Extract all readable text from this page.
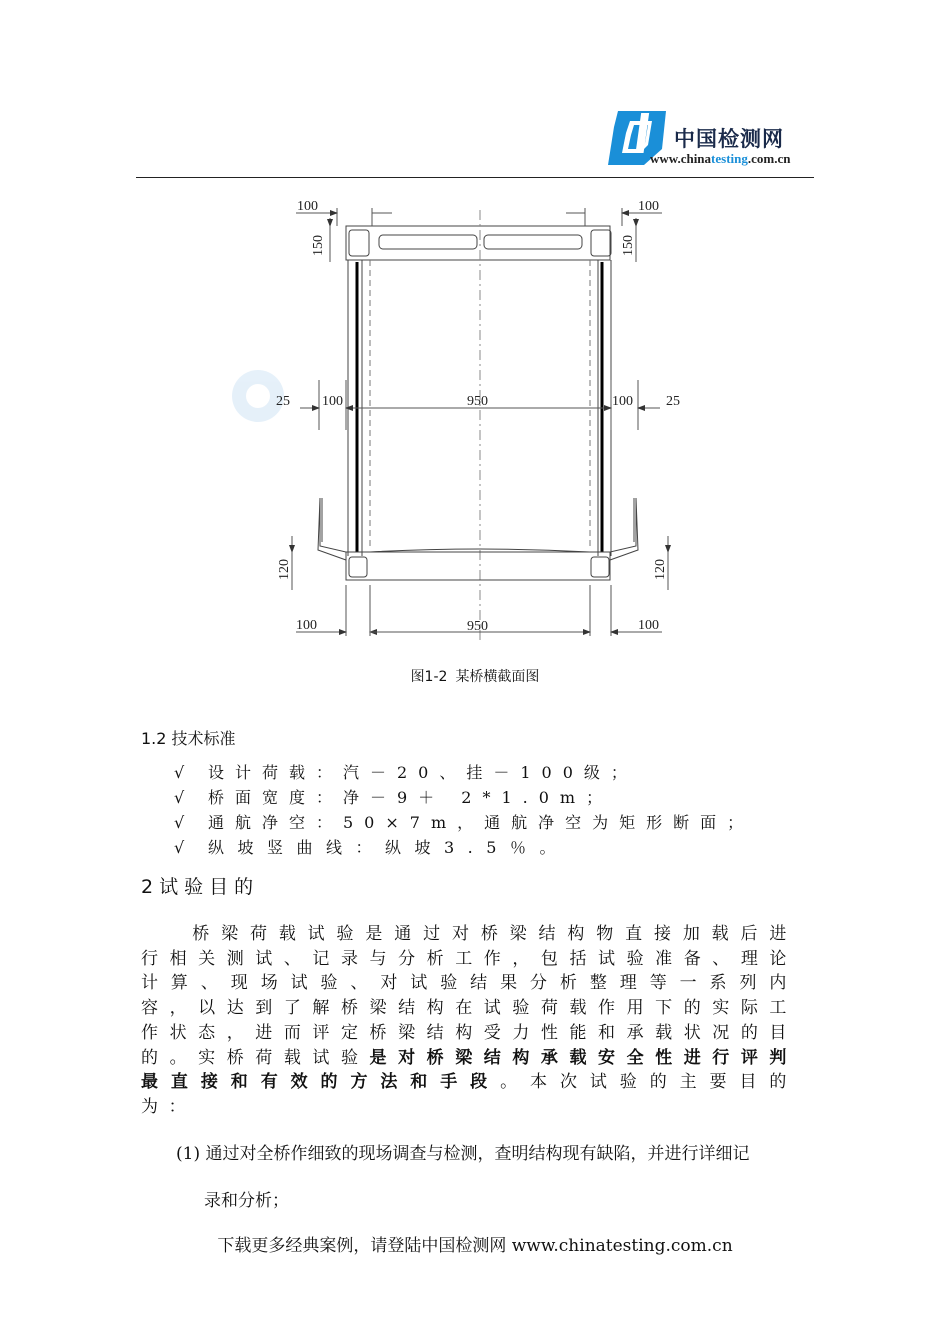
中国检测网
www.chinatesting.com.cn
100	100
150	150
25 100	950	100 25
120	120
100	950	100
图1-2 某桥横截面图
1.2 技术标准
√	设计荷载：汽－20、挂－100级；
√	桥面宽度：净－9＋ 2*1.0m；
√	通航净空：50×7m，通航净空为矩形断面；
√	纵坡竖曲线：纵坡3.5％。
2试验目的
桥梁荷载试验是通过对桥梁结构物直接加载后进行相关测试、记录与分析工作，包括试验准备、理论计算、现场试验、对试验结果分析整理等一系列内容，以达到了解桥梁结构在试验荷载作用下的实际工作状态，进而评定桥梁结构受力性能和承载状况的目的。实桥荷载试验是对桥梁结构承载安全性进行评判最直接和有效的方法和手段。本次试验的主要目的为：
(1) 通过对全桥作细致的现场调查与检测，查明结构现有缺陷，并进行详细记
录和分析；
下载更多经典案例，请登陆中国检测网 www.chinatesting.com.cn
